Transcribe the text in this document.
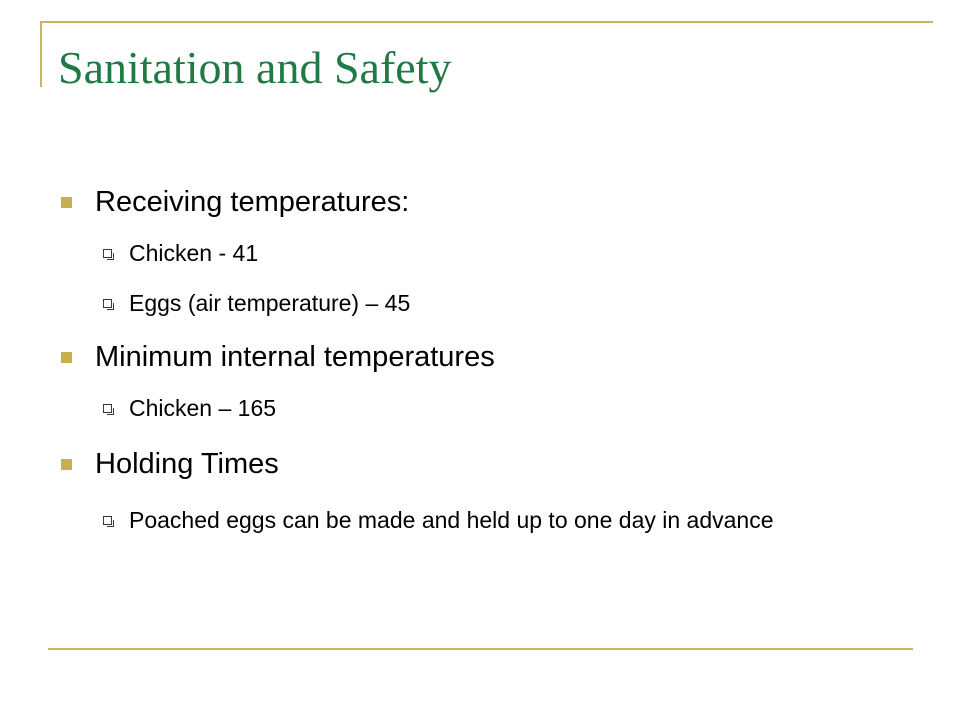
Sanitation and Safety
Receiving temperatures:
Chicken - 41
Eggs (air temperature) – 45
Minimum internal temperatures
Chicken – 165
Holding Times
Poached eggs can be made and held up to one day in advance
